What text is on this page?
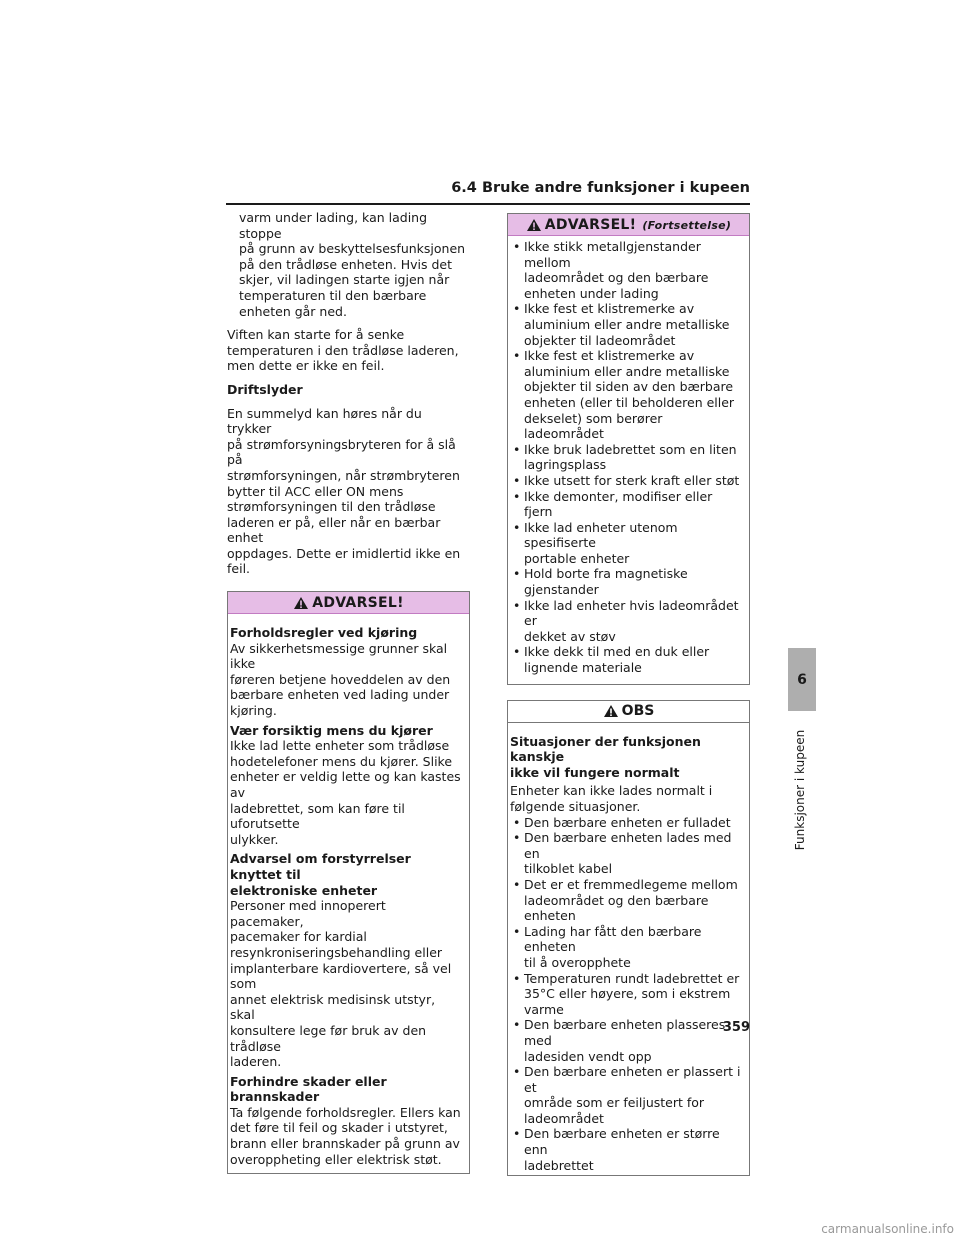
6.4 Bruke andre funksjoner i kupeen

varm under lading, kan lading stoppe

på grunn av beskyttelsesfunksjonen

på den trådløse enheten. Hvis det

skjer, vil ladingen starte igjen når

temperaturen til den bærbare

enheten går ned.

Viften kan starte for å senke

temperaturen i den trådløse laderen,

men dette er ikke en feil.

Driftslyder

En summelyd kan høres når du trykker

på strømforsyningsbryteren for å slå på

strømforsyningen, når strømbryteren

bytter til ACC eller ON mens

strømforsyningen til den trådløse

laderen er på, eller når en bærbar enhet

oppdages. Dette er imidlertid ikke en

feil.

ADVARSEL!

Forholdsregler ved kjøring

Av sikkerhetsmessige grunner skal ikke

føreren betjene hoveddelen av den

bærbare enheten ved lading under

kjøring.

Vær forsiktig mens du kjører

Ikke lad lette enheter som trådløse

hodetelefoner mens du kjører. Slike

enheter er veldig lette og kan kastes av

ladebrettet, som kan føre til uforutsette

ulykker.

Advarsel om forstyrrelser knyttet til

elektroniske enheter

Personer med innoperert pacemaker,

pacemaker for kardial

resynkroniseringsbehandling eller

implanterbare kardiovertere, så vel som

annet elektrisk medisinsk utstyr, skal

konsultere lege før bruk av den trådløse

laderen.

Forhindre skader eller brannskader

Ta følgende forholdsregler. Ellers kan

det føre til feil og skader i utstyret,

brann eller brannskader på grunn av

overoppheting eller elektrisk støt.

ADVARSEL! (Fortsettelse)
• Ikke stikk metallgjenstander mellom
ladeområdet og den bærbare
enheten under lading
• Ikke fest et klistremerke av
aluminium eller andre metalliske
objekter til ladeområdet
• Ikke fest et klistremerke av
aluminium eller andre metalliske
objekter til siden av den bærbare
enheten (eller til beholderen eller
dekselet) som berører ladeområdet
• Ikke bruk ladebrettet som en liten
lagringsplass
• Ikke utsett for sterk kraft eller støt
• Ikke demonter, modifiser eller fjern
• Ikke lad enheter utenom spesifiserte
portable enheter
• Hold borte fra magnetiske
gjenstander
• Ikke lad enheter hvis ladeområdet er
dekket av støv
• Ikke dekk til med en duk eller
lignende materiale
OBS

Situasjoner der funksjonen kanskje

ikke vil fungere normalt

Enheter kan ikke lades normalt i

følgende situasjoner.

• Den bærbare enheten er fulladet
• Den bærbare enheten lades med en
tilkoblet kabel
• Det er et fremmedlegeme mellom
ladeområdet og den bærbare enheten
• Lading har fått den bærbare enheten
til å overopphete
• Temperaturen rundt ladebrettet er
35°C eller høyere, som i ekstrem
varme
• Den bærbare enheten plasseres med
ladesiden vendt opp
• Den bærbare enheten er plassert i et
område som er feiljustert for
ladeområdet
• Den bærbare enheten er større enn
ladebrettet
6
Funksjoner i kupeen
359
carmanualsonline.info
